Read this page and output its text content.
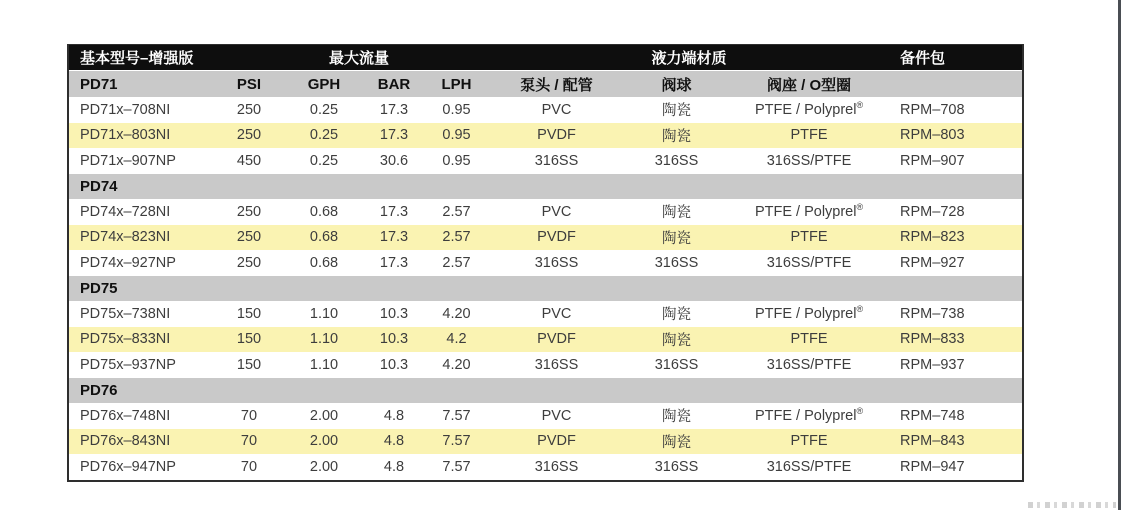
基本型号–增强版		最大流量			液力端材质			备件包
PD71	PSI	GPH	BAR	LPH	泵头 / 配管	阀球	阀座 / O型圈	
PD71x–708NI	250	0.25	17.3	0.95	PVC	陶瓷	PTFE / Polyprel®	RPM–708
PD71x–803NI	250	0.25	17.3	0.95	PVDF	陶瓷	PTFE	RPM–803
PD71x–907NP	450	0.25	30.6	0.95	316SS	316SS	316SS/PTFE	RPM–907
PD74								
PD74x–728NI	250	0.68	17.3	2.57	PVC	陶瓷	PTFE / Polyprel®	RPM–728
PD74x–823NI	250	0.68	17.3	2.57	PVDF	陶瓷	PTFE	RPM–823
PD74x–927NP	250	0.68	17.3	2.57	316SS	316SS	316SS/PTFE	RPM–927
PD75								
PD75x–738NI	150	1.10	10.3	4.20	PVC	陶瓷	PTFE / Polyprel®	RPM–738
PD75x–833NI	150	1.10	10.3	4.2	PVDF	陶瓷	PTFE	RPM–833
PD75x–937NP	150	1.10	10.3	4.20	316SS	316SS	316SS/PTFE	RPM–937
PD76								
PD76x–748NI	70	2.00	4.8	7.57	PVC	陶瓷	PTFE / Polyprel®	RPM–748
PD76x–843NI	70	2.00	4.8	7.57	PVDF	陶瓷	PTFE	RPM–843
PD76x–947NP	70	2.00	4.8	7.57	316SS	316SS	316SS/PTFE	RPM–947
